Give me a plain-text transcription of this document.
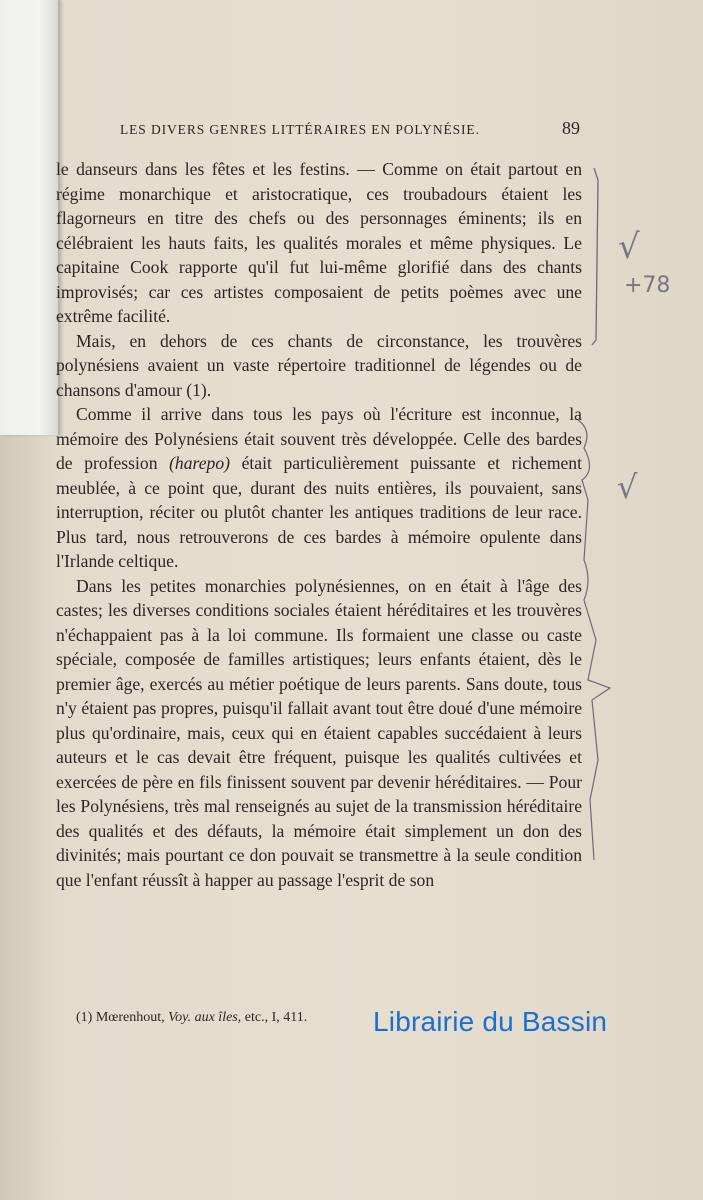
LES DIVERS GENRES LITTÉRAIRES EN POLYNÉSIE.	89

le danseurs dans les fêtes et les festins. — Comme on était partout en régime monarchique et aristocratique, ces troubadours étaient les flagorneurs en titre des chefs ou des personnages éminents; ils en célébraient les hauts faits, les qualités morales et même physiques. Le capitaine Cook rapporte qu'il fut lui-même glorifié dans des chants improvisés; car ces artistes composaient de petits poèmes avec une extrême facilité.

Mais, en dehors de ces chants de circonstance, les trouvères polynésiens avaient un vaste répertoire traditionnel de légendes ou de chansons d'amour (1).

Comme il arrive dans tous les pays où l'écriture est inconnue, la mémoire des Polynésiens était souvent très développée. Celle des bardes de profession (harepo) était particulièrement puissante et richement meublée, à ce point que, durant des nuits entières, ils pouvaient, sans interruption, réciter ou plutôt chanter les antiques traditions de leur race. Plus tard, nous retrouverons de ces bardes à mémoire opulente dans l'Irlande celtique.

Dans les petites monarchies polynésiennes, on en était à l'âge des castes; les diverses conditions sociales étaient héréditaires et les trouvères n'échappaient pas à la loi commune. Ils formaient une classe ou caste spéciale, composée de familles artistiques; leurs enfants étaient, dès le premier âge, exercés au métier poétique de leurs parents. Sans doute, tous n'y étaient pas propres, puisqu'il fallait avant tout être doué d'une mémoire plus qu'ordinaire, mais, ceux qui en étaient capables succédaient à leurs auteurs et le cas devait être fréquent, puisque les qualités cultivées et exercées de père en fils finissent souvent par devenir héréditaires. — Pour les Polynésiens, très mal renseignés au sujet de la transmission héréditaire des qualités et des défauts, la mémoire était simplement un don des divinités; mais pourtant ce don pouvait se transmettre à la seule condition que l'enfant réussît à happer au passage l'esprit de son

(1) Mœrenhout, Voy. aux îles, etc., I, 411. Librairie du Bassin
√
+78
√
